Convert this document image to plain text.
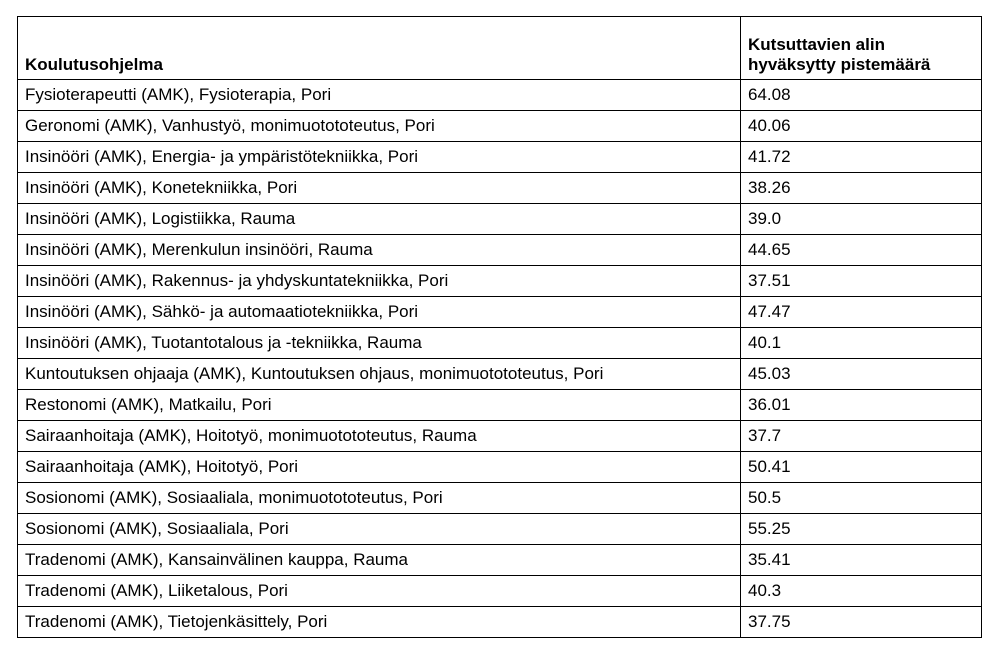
Koulutusohjelma	Kutsuttavien alin
hyväksytty pistemäärä

Fysioterapeutti (AMK), Fysioterapia, Pori	64.08
Geronomi (AMK), Vanhustyö, monimuotototeutus, Pori	40.06
Insinööri (AMK), Energia- ja ympäristötekniikka, Pori	41.72
Insinööri (AMK), Konetekniikka, Pori	38.26
Insinööri (AMK), Logistiikka, Rauma	39.0
Insinööri (AMK), Merenkulun insinööri, Rauma	44.65
Insinööri (AMK), Rakennus- ja yhdyskuntatekniikka, Pori	37.51
Insinööri (AMK), Sähkö- ja automaatiotekniikka, Pori	47.47
Insinööri (AMK), Tuotantotalous ja -tekniikka, Rauma	40.1
Kuntoutuksen ohjaaja (AMK), Kuntoutuksen ohjaus, monimuotototeutus, Pori	45.03
Restonomi (AMK), Matkailu, Pori	36.01
Sairaanhoitaja (AMK), Hoitotyö, monimuotototeutus, Rauma	37.7
Sairaanhoitaja (AMK), Hoitotyö, Pori	50.41
Sosionomi (AMK), Sosiaaliala, monimuotototeutus, Pori	50.5
Sosionomi (AMK), Sosiaaliala, Pori	55.25
Tradenomi (AMK), Kansainvälinen kauppa, Rauma	35.41
Tradenomi (AMK), Liiketalous, Pori	40.3
Tradenomi (AMK), Tietojenkäsittely, Pori	37.75
